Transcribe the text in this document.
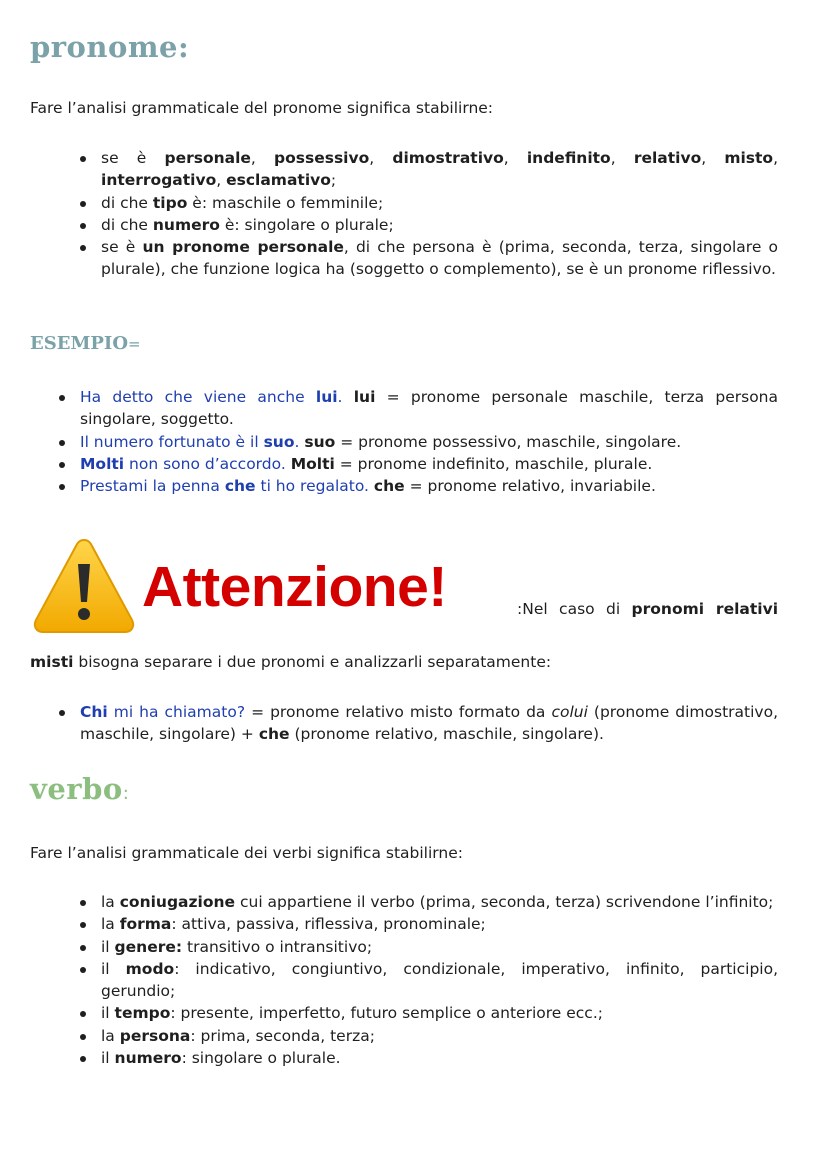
pronome:

Fare l’analisi grammaticale del pronome significa stabilirne:

se è personale, possessivo, dimostrativo, indefinito, relativo, misto, interrogativo, esclamativo;
di che tipo è: maschile o femminile;
di che numero è: singolare o plurale;
se è un pronome personale, di che persona è (prima, seconda, terza, singolare o plurale), che funzione logica ha (soggetto o complemento), se è un pronome riflessivo.
ESEMPIO=
Ha detto che viene anche lui. lui = pronome personale maschile, terza persona singolare, soggetto.
Il numero fortunato è il suo. suo = pronome possessivo, maschile, singolare.
Molti non sono d’accordo. Molti = pronome indefinito, maschile, plurale.
Prestami la penna che ti ho regalato. che = pronome relativo, invariabile.
Attenzione!	:Nel caso di pronomi relativi

misti bisogna separare i due pronomi e analizzarli separatamente:

Chi mi ha chiamato? = pronome relativo misto formato da colui (pronome dimostrativo, maschile, singolare) + che (pronome relativo, maschile, singolare).
verbo:

Fare l’analisi grammaticale dei verbi significa stabilirne:

la coniugazione cui appartiene il verbo (prima, seconda, terza) scrivendone l’infinito;
la forma: attiva, passiva, riflessiva, pronominale;
il genere: transitivo o intransitivo;
il modo: indicativo, congiuntivo, condizionale, imperativo, infinito, participio, gerundio;
il tempo: presente, imperfetto, futuro semplice o anteriore ecc.;
la persona: prima, seconda, terza;
il numero: singolare o plurale.
